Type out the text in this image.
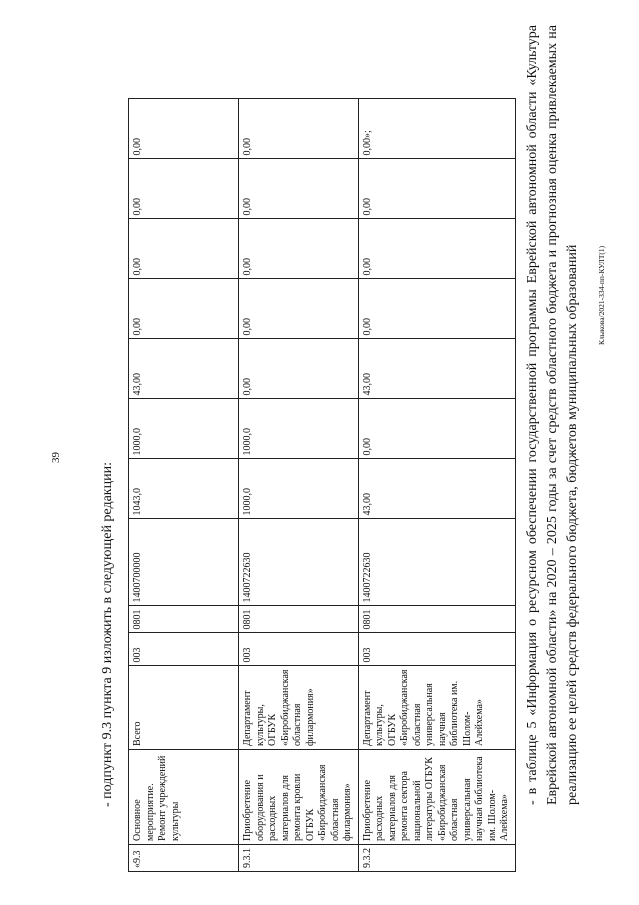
39
- подпункт 9.3 пункта 9 изложить в следующей редакции:
Клыкова/2021-334-пп-КУЛТ(1)
«9.3	Основное мероприятие. Ремонт учреждений культуры	Всего	003	0801	1400700000	1043,0	1000,0	43,00	0,00	0,00	0,00	0,00
9.3.1	Приобретение оборудования и расходных материалов для ремонта кровли ОГБУК «Биробиджанская областная филармония»	Департамент культуры, ОГБУК «Биробиджанская областная филармония»	003	0801	1400722630	1000,0	1000,0	0,00	0,00	0,00	0,00	0,00
9.3.2	Приобретение расходных материалов для ремонта сектора национальной литературы ОГБУК «Биробиджанская областная универсальная научная библиотека им. Шолом-Алейхема»	Департамент культуры, ОГБУК «Биробиджанская областная универсальная научная библиотека им. Шолом-Алейхема»	003	0801	1400722630	43,00	0,00	43,00	0,00	0,00	0,00	0,00»;	- в таблице 5 «Информация о ресурсном обеспечении государственной программы Еврейской автономной области «Культура Еврейской автономной области» на 2020 – 2025 годы за счет средств областного бюджета и прогнозная оценка привлекаемых на реализацию ее целей средств федерального бюджета, бюджетов муниципальных образований
